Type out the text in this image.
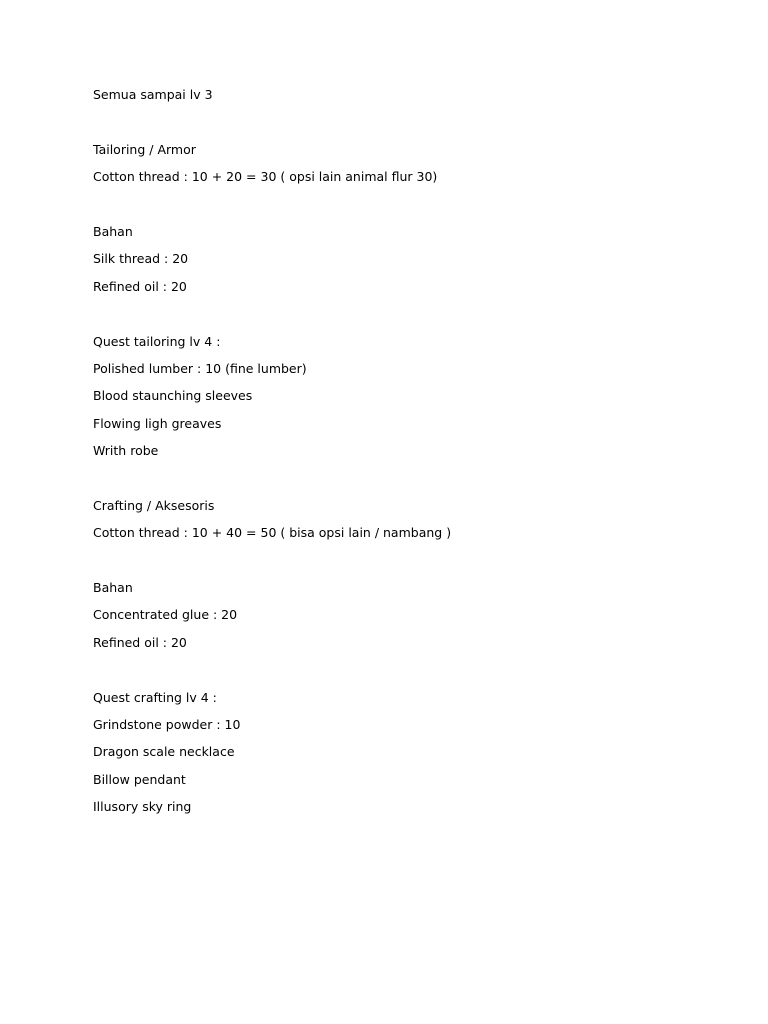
Semua sampai lv 3
Tailoring / Armor
Cotton thread : 10 + 20 = 30 ( opsi lain animal flur 30)
Bahan
Silk thread : 20
Refined oil : 20
Quest tailoring lv 4 :
Polished lumber : 10 (fine lumber)
Blood staunching sleeves
Flowing ligh greaves
Writh robe
Crafting / Aksesoris
Cotton thread : 10 + 40 = 50 ( bisa opsi lain / nambang )
Bahan
Concentrated glue : 20
Refined oil : 20
Quest crafting lv 4 :
Grindstone powder : 10
Dragon scale necklace
Billow pendant
Illusory sky ring
